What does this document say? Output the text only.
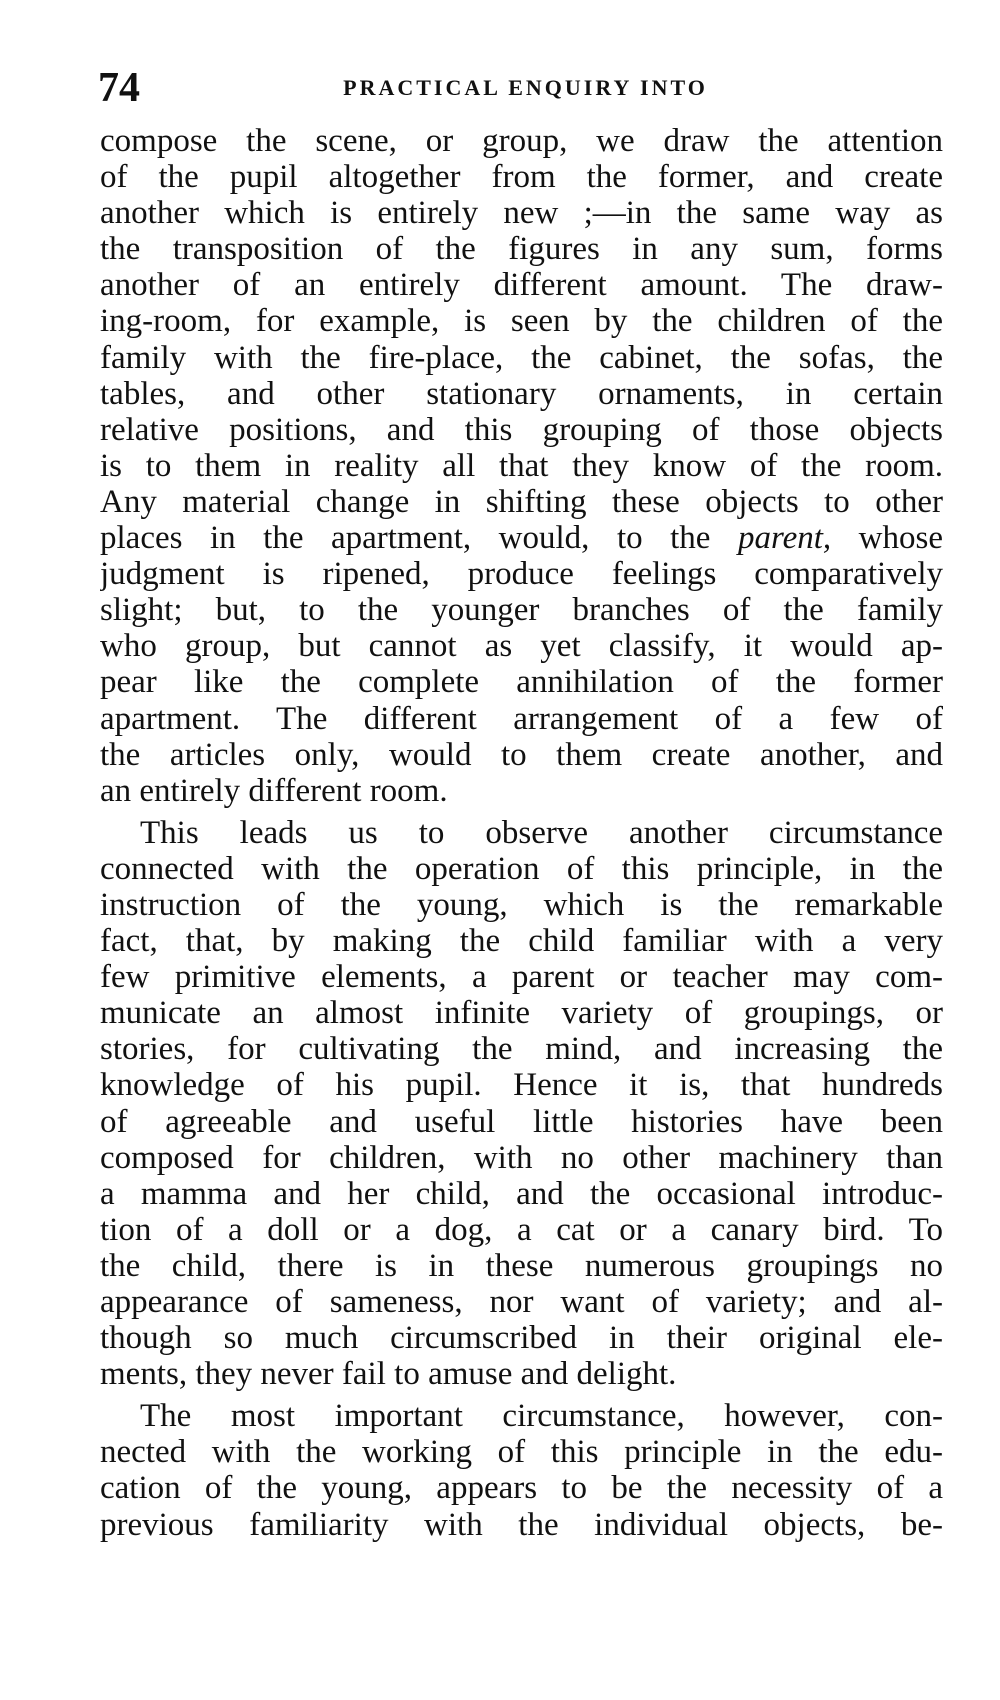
74	PRACTICAL ENQUIRY INTO
compose the scene, or group, we draw the attention
of the pupil altogether from the former, and create
another which is entirely new ;—in the same way as
the transposition of the figures in any sum, forms
another of an entirely different amount. The draw-
ing-room, for example, is seen by the children of the
family with the fire-place, the cabinet, the sofas, the
tables, and other stationary ornaments, in certain
relative positions, and this grouping of those objects
is to them in reality all that they know of the room.
Any material change in shifting these objects to other
places in the apartment, would, to the parent, whose
judgment is ripened, produce feelings comparatively
slight; but, to the younger branches of the family
who group, but cannot as yet classify, it would ap-
pear like the complete annihilation of the former
apartment. The different arrangement of a few of
the articles only, would to them create another, and
an entirely different room.
This leads us to observe another circumstance
connected with the operation of this principle, in the
instruction of the young, which is the remarkable
fact, that, by making the child familiar with a very
few primitive elements, a parent or teacher may com-
municate an almost infinite variety of groupings, or
stories, for cultivating the mind, and increasing the
knowledge of his pupil. Hence it is, that hundreds
of agreeable and useful little histories have been
composed for children, with no other machinery than
a mamma and her child, and the occasional introduc-
tion of a doll or a dog, a cat or a canary bird. To
the child, there is in these numerous groupings no
appearance of sameness, nor want of variety; and al-
though so much circumscribed in their original ele-
ments, they never fail to amuse and delight.
The most important circumstance, however, con-
nected with the working of this principle in the edu-
cation of the young, appears to be the necessity of a
previous familiarity with the individual objects, be-
